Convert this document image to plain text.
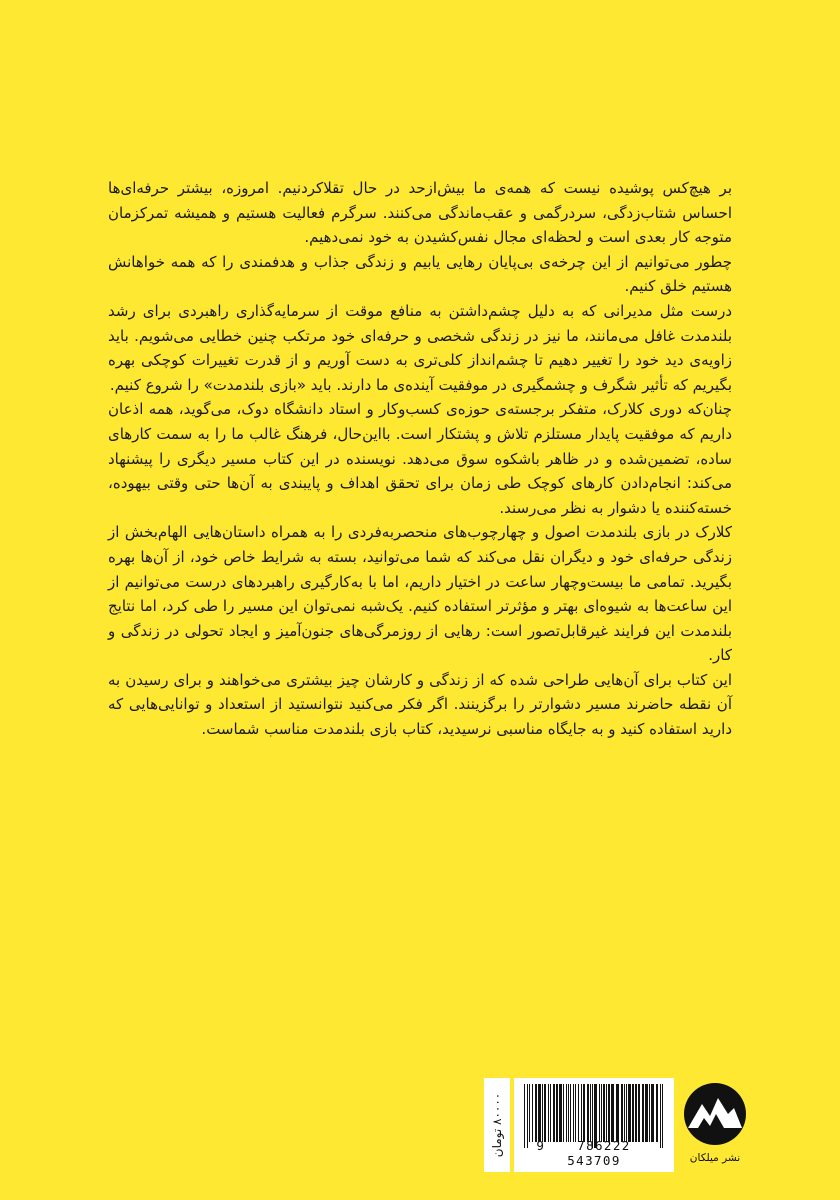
بر هیچ‌کس پوشیده نیست که همه‌ی ما بیش‌ازحد در حال تقلاکردنیم. امروزه، بیشتر حرفه‌ای‌ها احساس شتاب‌زدگی، سردرگمی و عقب‌ماندگی می‌کنند. سرگرم فعالیت هستیم و همیشه تمرکزمان متوجه کار بعدی است و لحظه‌ای مجال نفس‌کشیدن به خود نمی‌دهیم.

چطور می‌توانیم از این چرخه‌ی بی‌پایان رهایی یابیم و زندگی جذاب و هدفمندی را که همه خواهانش هستیم خلق کنیم.

درست مثل مدیرانی که به دلیل چشم‌داشتن به منافع موقت از سرمایه‌گذاری راهبردی برای رشد بلندمدت غافل می‌مانند، ما نیز در زندگی شخصی و حرفه‌ای خود مرتکب چنین خطایی می‌شویم. باید زاویه‌ی دید خود را تغییر دهیم تا چشم‌انداز کلی‌تری به دست آوریم و از قدرت تغییرات کوچکی بهره بگیریم که تأثیر شگرف و چشمگیری در موفقیت آینده‌ی ما دارند. باید «بازی بلندمدت» را شروع کنیم.

چنان‌که دوری کلارک، متفکر برجسته‌ی حوزه‌ی کسب‌وکار و استاد دانشگاه دوک، می‌گوید، همه اذعان داریم که موفقیت پایدار مستلزم تلاش و پشتکار است. بااین‌حال، فرهنگ غالب ما را به سمت کارهای ساده، تضمین‌شده و در ظاهر باشکوه سوق می‌دهد. نویسنده در این کتاب مسیر دیگری را پیشنهاد می‌کند: انجام‌دادن کارهای کوچک طی زمان برای تحقق اهداف و پایبندی به آن‌ها حتی وقتی بیهوده، خسته‌کننده یا دشوار به نظر می‌رسند.

کلارک در بازی بلندمدت اصول و چهارچوب‌های منحصربه‌فردی را به همراه داستان‌هایی الهام‌بخش از زندگی حرفه‌ای خود و دیگران نقل می‌کند که شما می‌توانید، بسته به شرایط خاص خود، از آن‌ها بهره بگیرید. تمامی ما بیست‌وچهار ساعت در اختیار داریم، اما با به‌کارگیری راهبردهای درست می‌توانیم از این ساعت‌ها به شیوه‌ای بهتر و مؤثرتر استفاده کنیم. یک‌شبه نمی‌توان این مسیر را طی کرد، اما نتایج بلندمدت این فرایند غیرقابل‌تصور است: رهایی از روزمرگی‌های جنون‌آمیز و ایجاد تحولی در زندگی و کار.

این کتاب برای آن‌هایی طراحی شده که از زندگی و کارشان چیز بیشتری می‌خواهند و برای رسیدن به آن نقطه حاضرند مسیر دشوارتر را برگزینند. اگر فکر می‌کنید نتوانستید از استعداد و توانایی‌هایی که دارید استفاده کنید و به جایگاه مناسبی نرسیدید، کتاب بازی بلندمدت مناسب شماست.

۸۰۰۰۰ تومان
9	786222  543709	نشر میلکان
